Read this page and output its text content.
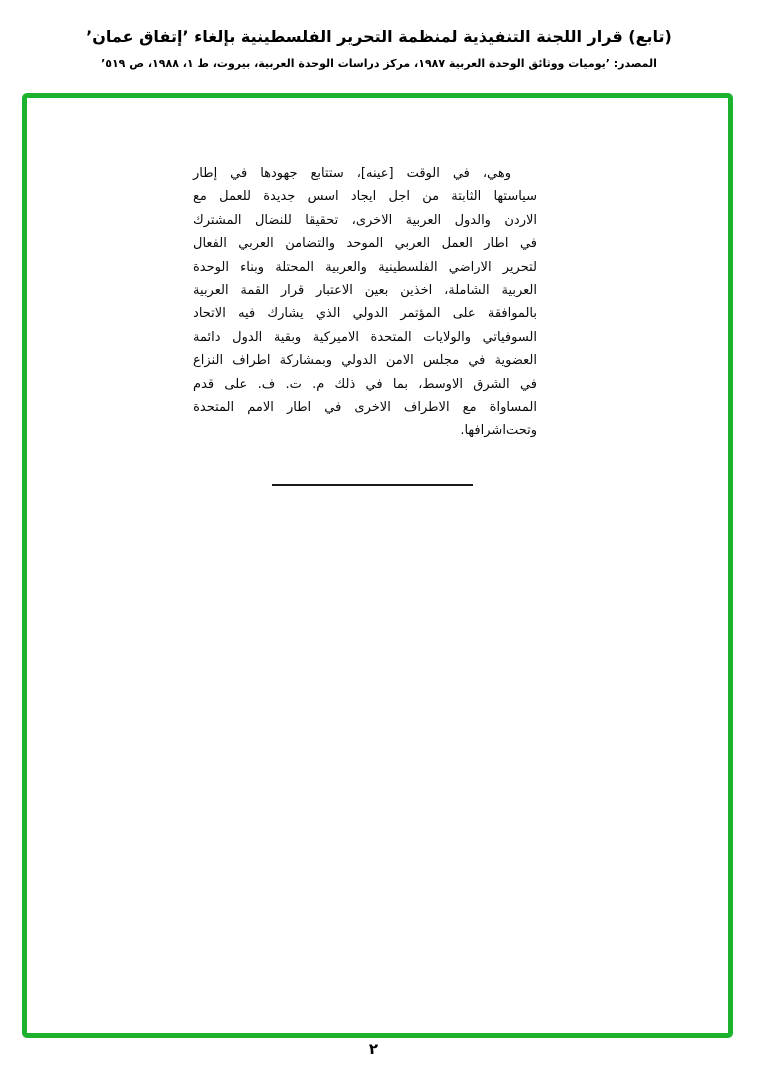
(تابع) قرار اللجنة التنفيذية لمنظمة التحرير الفلسطينية بإلغاء ’إتفاق عمان’
المصدر: ’يوميات ووثائق الوحدة العربية ١٩٨٧، مركز دراسات الوحدة العربية، بيروت، ط ١، ١٩٨٨، ص ٥١٩’
وهي،
في
الوقت
[عينه]،
ستتابع
جهودها
في
إطار
سياستها
الثابتة
من
اجل
ايجاد
اسس
جديدة
للعمل
مع
الاردن
والدول
العربية
الاخرى،
تحقيقا
للنضال
المشترك
في
اطار
العمل
العربي
الموحد
والتضامن
العربي
الفعال
لتحرير
الاراضي
الفلسطينية
والعربية
المحتلة
وبناء
الوحدة
العربية
الشاملة،
اخذين
بعين
الاعتبار
قرار
القمة
العربية
بالموافقة
على
المؤتمر
الدولي
الذي
يشارك
فيه
الاتحاد
السوفياتي
والولايات
المتحدة
الاميركية
وبقية
الدول
دائمة
العضوية
في
مجلس
الامن
الدولي
وبمشاركة
اطراف
النزاع
في
الشرق
الاوسط،
بما
في
ذلك
م.
ت.
ف.
على
قدم
المساواة
مع
الاطراف
الاخرى
في
اطار
الامم
المتحدة
وتحت
اشرافها.
٢
